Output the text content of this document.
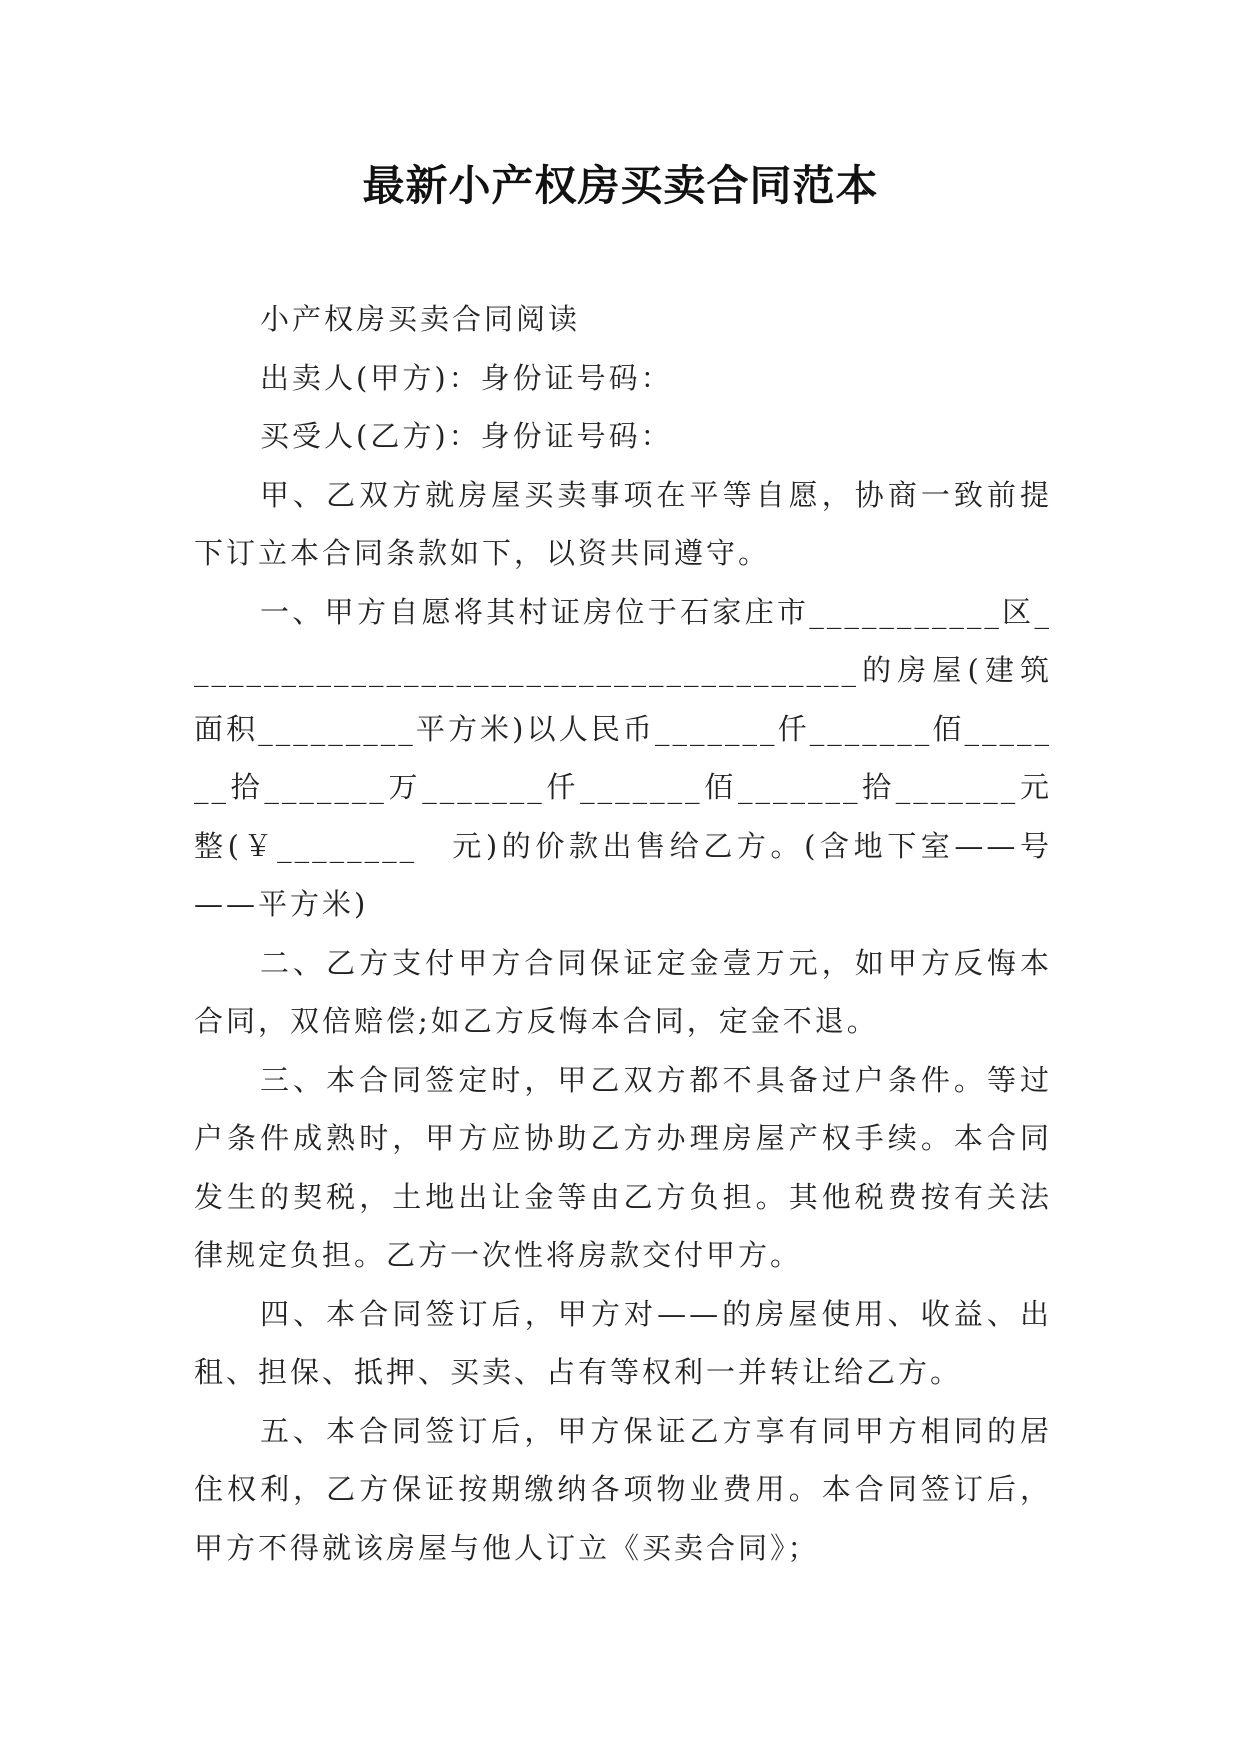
最新小产权房买卖合同范本

小产权房买卖合同阅读

出卖人(甲方)：身份证号码：

买受人(乙方)：身份证号码：

甲、乙双方就房屋买卖事项在平等自愿，协商一致前提下订立本合同条款如下，以资共同遵守。

一、甲方自愿将其村证房位于石家庄市___________区_______________________________________的房屋(建筑面积_________平方米)以人民币_______仟_______佰_______拾_______万_______仟_______佰_______拾_______元整(￥________　元)的价款出售给乙方。(含地下室——号——平方米)

二、乙方支付甲方合同保证定金壹万元，如甲方反悔本合同，双倍赔偿;如乙方反悔本合同，定金不退。

三、本合同签定时，甲乙双方都不具备过户条件。等过户条件成熟时，甲方应协助乙方办理房屋产权手续。本合同发生的契税，土地出让金等由乙方负担。其他税费按有关法律规定负担。乙方一次性将房款交付甲方。

四、本合同签订后，甲方对——的房屋使用、收益、出租、担保、抵押、买卖、占有等权利一并转让给乙方。

五、本合同签订后，甲方保证乙方享有同甲方相同的居住权利，乙方保证按期缴纳各项物业费用。本合同签订后，甲方不得就该房屋与他人订立《买卖合同》；
